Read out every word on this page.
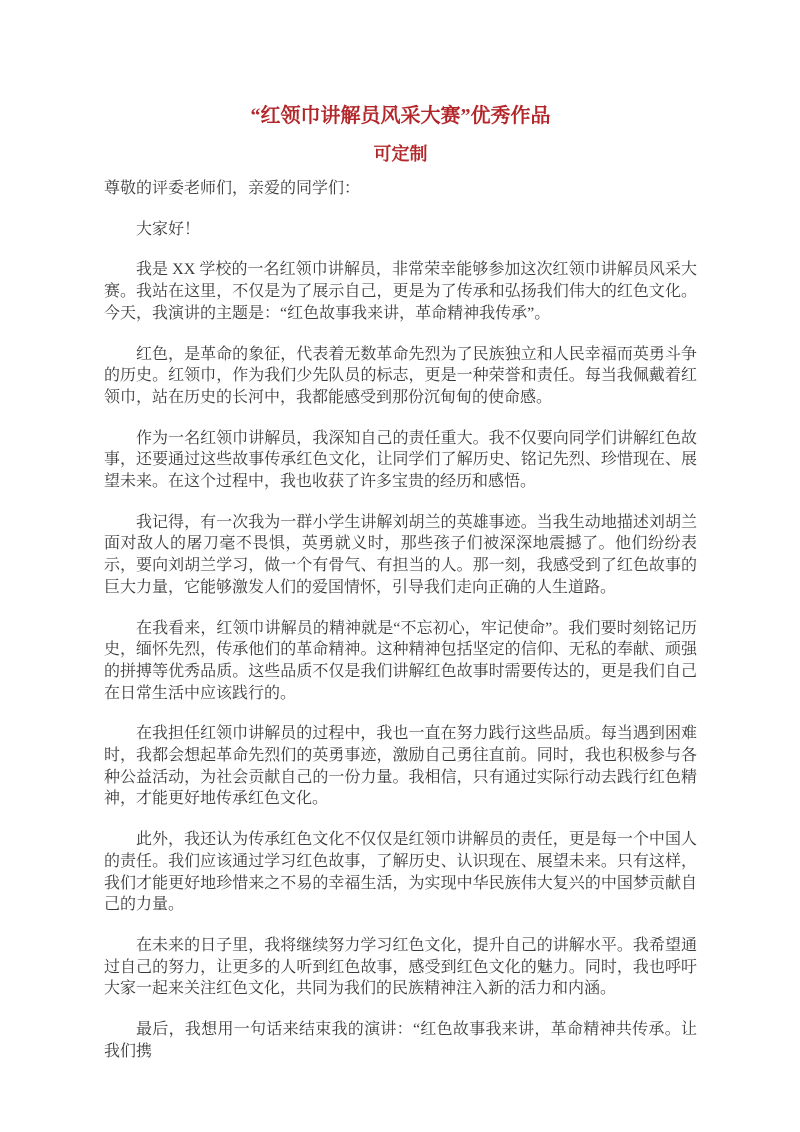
“红领巾讲解员风采大赛”优秀作品
可定制

尊敬的评委老师们，亲爱的同学们：

大家好！

我是 XX 学校的一名红领巾讲解员，非常荣幸能够参加这次红领巾讲解员风采大赛。我站在这里，不仅是为了展示自己，更是为了传承和弘扬我们伟大的红色文化。今天，我演讲的主题是：“红色故事我来讲，革命精神我传承”。

红色，是革命的象征，代表着无数革命先烈为了民族独立和人民幸福而英勇斗争的历史。红领巾，作为我们少先队员的标志，更是一种荣誉和责任。每当我佩戴着红领巾，站在历史的长河中，我都能感受到那份沉甸甸的使命感。

作为一名红领巾讲解员，我深知自己的责任重大。我不仅要向同学们讲解红色故事，还要通过这些故事传承红色文化，让同学们了解历史、铭记先烈、珍惜现在、展望未来。在这个过程中，我也收获了许多宝贵的经历和感悟。

我记得，有一次我为一群小学生讲解刘胡兰的英雄事迹。当我生动地描述刘胡兰面对敌人的屠刀毫不畏惧，英勇就义时，那些孩子们被深深地震撼了。他们纷纷表示，要向刘胡兰学习，做一个有骨气、有担当的人。那一刻，我感受到了红色故事的巨大力量，它能够激发人们的爱国情怀，引导我们走向正确的人生道路。

在我看来，红领巾讲解员的精神就是“不忘初心，牢记使命”。我们要时刻铭记历史，缅怀先烈，传承他们的革命精神。这种精神包括坚定的信仰、无私的奉献、顽强的拼搏等优秀品质。这些品质不仅是我们讲解红色故事时需要传达的，更是我们自己在日常生活中应该践行的。

在我担任红领巾讲解员的过程中，我也一直在努力践行这些品质。每当遇到困难时，我都会想起革命先烈们的英勇事迹，激励自己勇往直前。同时，我也积极参与各种公益活动，为社会贡献自己的一份力量。我相信，只有通过实际行动去践行红色精神，才能更好地传承红色文化。

此外，我还认为传承红色文化不仅仅是红领巾讲解员的责任，更是每一个中国人的责任。我们应该通过学习红色故事，了解历史、认识现在、展望未来。只有这样，我们才能更好地珍惜来之不易的幸福生活，为实现中华民族伟大复兴的中国梦贡献自己的力量。

在未来的日子里，我将继续努力学习红色文化，提升自己的讲解水平。我希望通过自己的努力，让更多的人听到红色故事，感受到红色文化的魅力。同时，我也呼吁大家一起来关注红色文化，共同为我们的民族精神注入新的活力和内涵。

最后，我想用一句话来结束我的演讲：“红色故事我来讲，革命精神共传承。让我们携
